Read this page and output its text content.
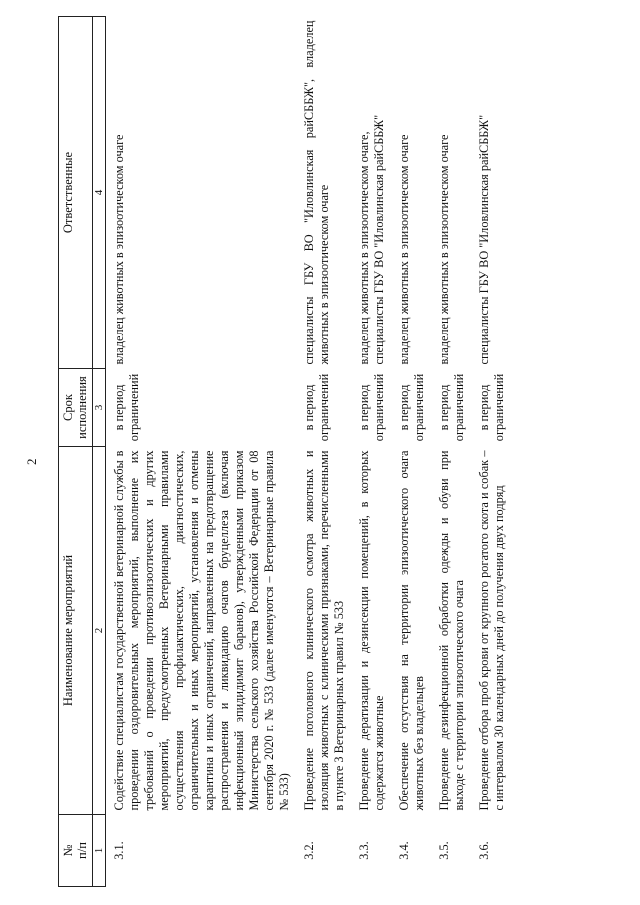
2
№
п/п	Наименование мероприятий	Срок исполнения	Ответственные
1	2	3	4
3.1.	Содействие специалистам государственной ветеринарной службы в проведении оздоровительных мероприятий, выполнение их требований о проведении противоэпизоотических и других мероприятий, предусмотренных Ветеринарными правилами осуществления профилактических, диагностических, ограничительных и иных мероприятий, установления и отмены карантина и иных ограничений, направленных на предотвращение распространения и ликвидацию очагов бруцеллеза (включая инфекционный эпидидимит баранов), утвержденными приказом Министерства сельского хозяйства Российской Федерации от 08 сентября 2020 г. № 533 (далее именуются – Ветеринарные правила № 533)	в период ограничений	владелец животных в эпизоотическом очаге

3.2.	Проведение поголовного клинического осмотра животных и изоляция животных с клиническими признаками, перечисленными в пункте 3 Ветеринарных правил № 533	в период ограничений	специалисты ГБУ ВО "Иловлинская райСББЖ", владелец животных в эпизоотическом очаге

3.3.	Проведение дератизации и дезинсекции помещений, в которых содержатся животные	в период ограничений	владелец животных в эпизоотическом очаге, специалисты ГБУ ВО "Иловлинская райСББЖ"

3.4.	Обеспечение отсутствия на территории эпизоотического очага животных без владельцев	в период ограничений	владелец животных в эпизоотическом очаге

3.5.	Проведение дезинфекционной обработки одежды и обуви при выходе с территории эпизоотического очага	в период ограничений	владелец животных в эпизоотическом очаге

3.6.	Проведение отбора проб крови от крупного рогатого скота и собак – с интервалом 30 календарных дней до получения двух подряд	в период ограничений	специалисты ГБУ ВО "Иловлинская райСББЖ"
